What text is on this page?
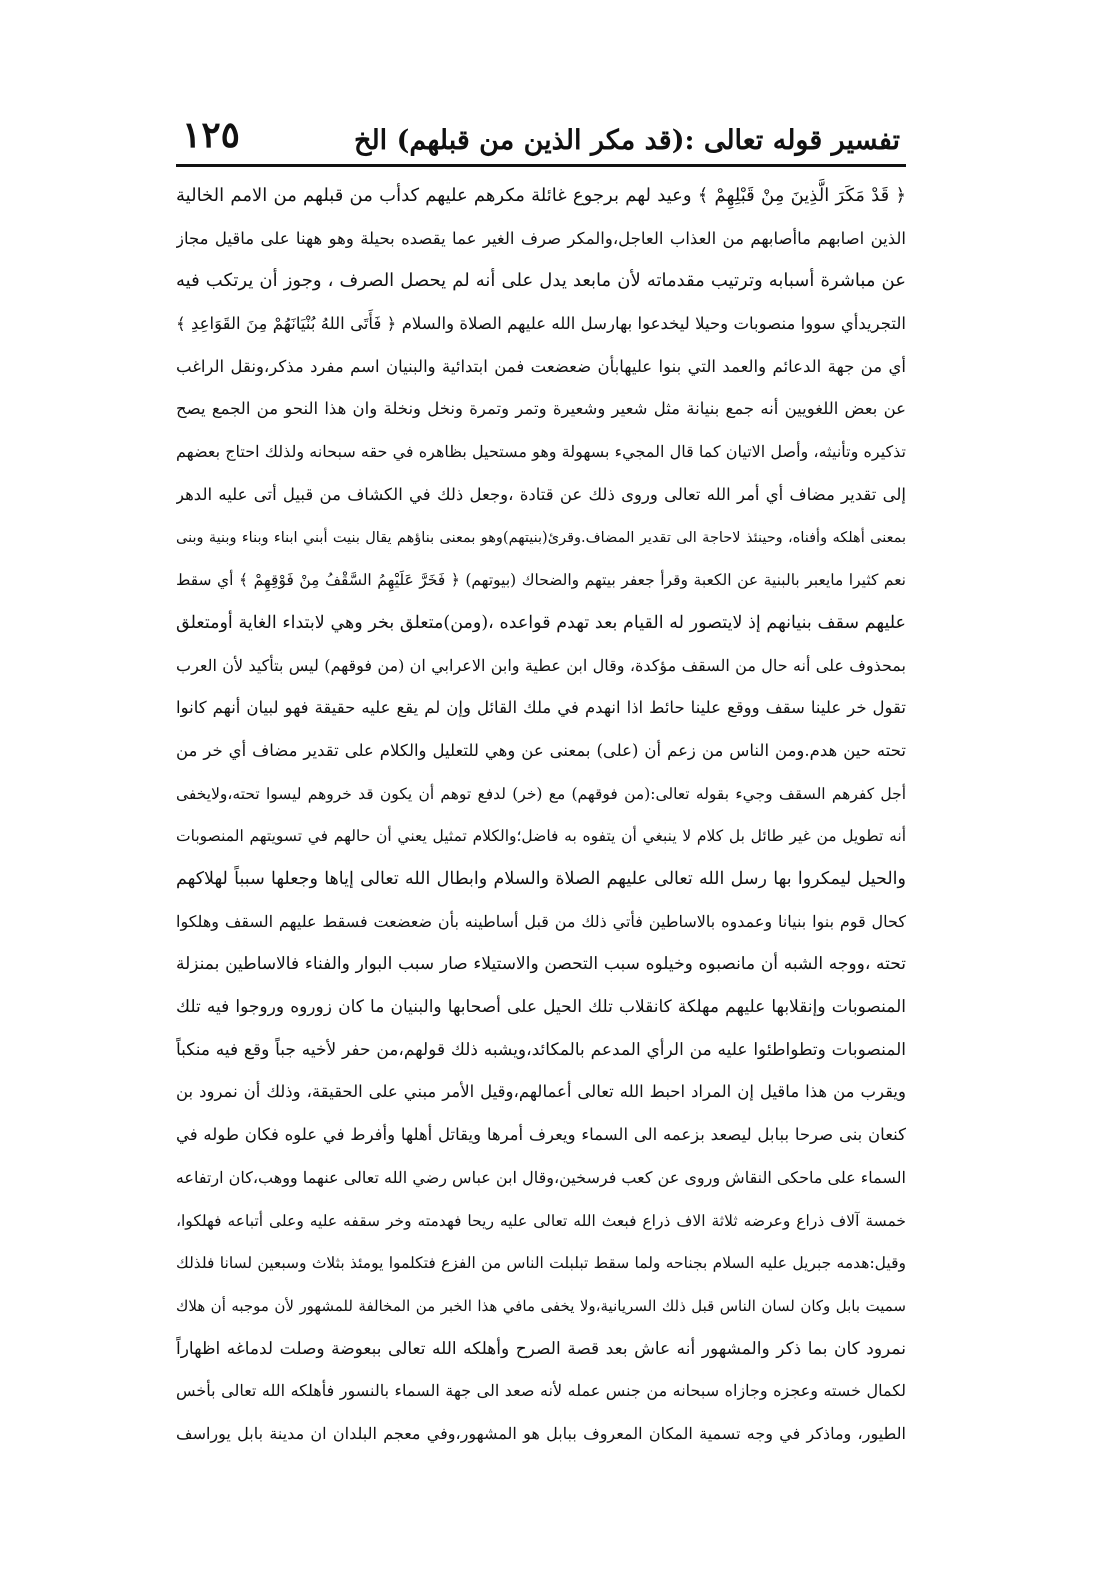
تفسير قوله تعالى :(قد مكر الذين من قبلهم) الخ
١٢٥
﴿ قَدْ مَكَرَ الَّذِينَ مِنْ قَبْلِهِمْ ﴾ وعيد لهم برجوع غائلة مكرهم عليهم كدأب من قبلهم من الامم الخالية
الذين اصابهم ماأصابهم من العذاب العاجل،والمكر صرف الغير عما يقصده بحيلة وهو ههنا على ماقيل مجاز
عن مباشرة أسبابه وترتيب مقدماته لأن مابعد يدل على أنه لم يحصل الصرف ، وجوز أن يرتكب فيه
التجريدأي سووا منصوبات وحيلا ليخدعوا بهارسل الله عليهم الصلاة والسلام ﴿ فَأَتَى اللهُ بُنْيَانَهُمْ مِنَ القَوَاعِدِ ﴾
أي من جهة الدعائم والعمد التي بنوا عليهابأن ضعضعت فمن ابتدائية والبنيان اسم مفرد مذكر،ونقل الراغب
عن بعض اللغويين أنه جمع بنيانة مثل شعير وشعيرة وتمر وتمرة ونخل ونخلة وان هذا النحو من الجمع يصح
تذكيره وتأنيثه، وأصل الاتيان كما قال المجيء بسهولة وهو مستحيل بظاهره في حقه سبحانه ولذلك احتاج بعضهم
إلى تقدير مضاف أي أمر الله تعالى وروى ذلك عن قتادة ،وجعل ذلك في الكشاف من قبيل أتى عليه الدهر
بمعنى أهلكه وأفناه، وحينئذ لاحاجة الى تقدير المضاف.وقرئ(بنيتهم)وهو بمعنى بناؤهم يقال بنيت أبني ابناء وبناء وبنية وبنى
نعم كثيرا مايعبر بالبنية عن الكعبة وقرأ جعفر بيتهم والضحاك (بيوتهم) ﴿ فَخَرَّ عَلَيْهِمُ السَّقْفُ مِنْ فَوْقِهِمْ ﴾ أي سقط
عليهم سقف بنيانهم إذ لايتصور له القيام بعد تهدم قواعده ،(ومن)متعلق بخر وهي لابتداء الغاية أومتعلق
بمحذوف على أنه حال من السقف مؤكدة، وقال ابن عطية وابن الاعرابي ان (من فوقهم) ليس بتأكيد لأن العرب
تقول خر علينا سقف ووقع علينا حائط اذا انهدم في ملك القائل وإن لم يقع عليه حقيقة فهو لبيان أنهم كانوا
تحته حين هدم.ومن الناس من زعم أن (على) بمعنى عن وهي للتعليل والكلام على تقدير مضاف أي خر من
أجل كفرهم السقف وجيء بقوله تعالى:(من فوقهم) مع (خر) لدفع توهم أن يكون قد خروهم ليسوا تحته،ولايخفى
أنه تطويل من غير طائل بل كلام لا ينبغي أن يتفوه به فاضل؛والكلام تمثيل يعني أن حالهم في تسويتهم المنصوبات
والحيل ليمكروا بها رسل الله تعالى عليهم الصلاة والسلام وابطال الله تعالى إياها وجعلها سبباً لهلاكهم
كحال قوم بنوا بنيانا وعمدوه بالاساطين فأتي ذلك من قبل أساطينه بأن ضعضعت فسقط عليهم السقف وهلكوا
تحته ،ووجه الشبه أن مانصبوه وخيلوه سبب التحصن والاستيلاء صار سبب البوار والفناء فالاساطين بمنزلة
المنصوبات وإنقلابها عليهم مهلكة كانقلاب تلك الحيل على أصحابها والبنيان ما كان زوروه وروجوا فيه تلك
المنصوبات وتطواطئوا عليه من الرأي المدعم بالمكائد،ويشبه ذلك قولهم،من حفر لأخيه جباً وقع فيه منكباً
ويقرب من هذا ماقيل إن المراد احبط الله تعالى أعمالهم،وقيل الأمر مبني على الحقيقة، وذلك أن نمرود بن
كنعان بنى صرحا ببابل ليصعد بزعمه الى السماء ويعرف أمرها ويقاتل أهلها وأفرط في علوه فكان طوله في
السماء على ماحكى النقاش وروى عن كعب فرسخين،وقال ابن عباس رضي الله تعالى عنهما ووهب،كان ارتفاعه
خمسة آلاف ذراع وعرضه ثلاثة الاف ذراع فبعث الله تعالى عليه ريحا فهدمته وخر سقفه عليه وعلى أتباعه فهلكوا،
وقيل:هدمه جبريل عليه السلام بجناحه ولما سقط تبلبلت الناس من الفزع فتكلموا يومئذ بثلاث وسبعين لسانا فلذلك
سميت بابل وكان لسان الناس قبل ذلك السريانية،ولا يخفى مافي هذا الخبر من المخالفة للمشهور لأن موجبه أن هلاك
نمرود كان بما ذكر والمشهور أنه عاش بعد قصة الصرح وأهلكه الله تعالى ببعوضة وصلت لدماغه اظهاراً
لكمال خسته وعجزه وجازاه سبحانه من جنس عمله لأنه صعد الى جهة السماء بالنسور فأهلكه الله تعالى بأخس
الطيور، وماذكر في وجه تسمية المكان المعروف ببابل هو المشهور،وفي معجم البلدان ان مدينة بابل يوراسف
